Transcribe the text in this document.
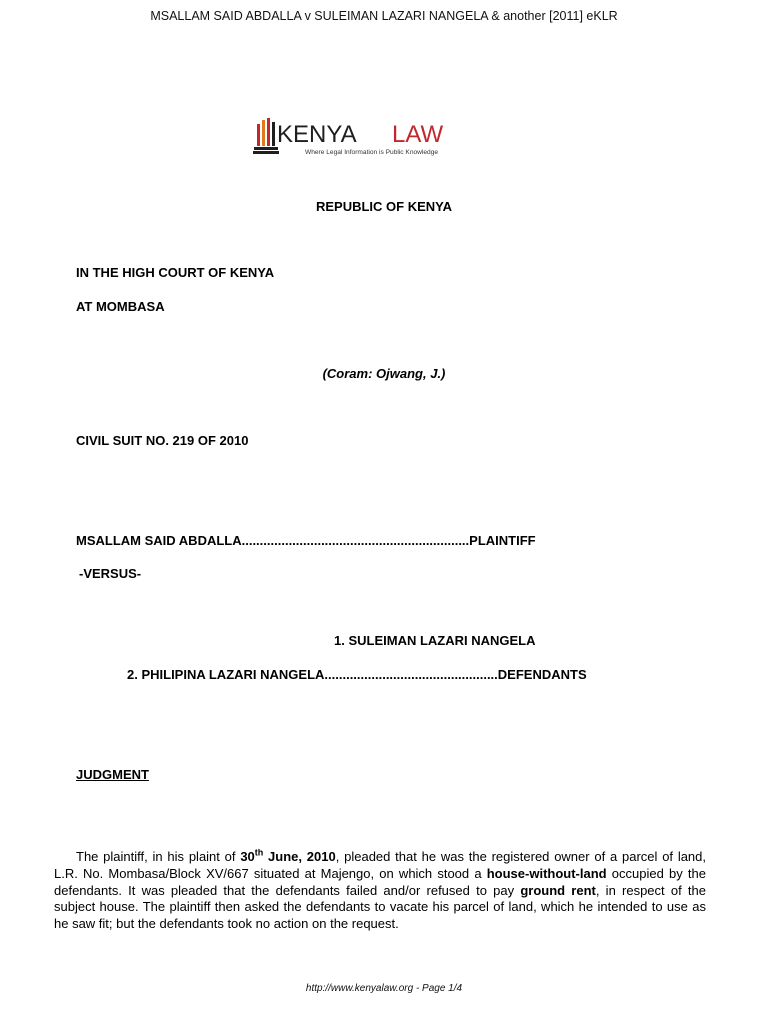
MSALLAM SAID ABDALLA v SULEIMAN LAZARI NANGELA & another [2011] eKLR
KENYA LAW
Where Legal Information is Public Knowledge
REPUBLIC OF KENYA
IN THE HIGH COURT OF KENYA
AT MOMBASA
(Coram: Ojwang, J.)
CIVIL SUIT NO. 219 OF 2010
MSALLAM SAID ABDALLA...............................................................PLAINTIFF
-VERSUS-
1. SULEIMAN LAZARI NANGELA
2. PHILIPINA LAZARI NANGELA................................................DEFENDANTS
JUDGMENT
The plaintiff, in his plaint of 30th June, 2010, pleaded that he was the registered owner of a parcel of land, L.R. No. Mombasa/Block XV/667 situated at Majengo, on which stood a house-without-land occupied by the defendants. It was pleaded that the defendants failed and/or refused to pay ground rent, in respect of the subject house. The plaintiff then asked the defendants to vacate his parcel of land, which he intended to use as he saw fit; but the defendants took no action on the request.
http://www.kenyalaw.org - Page 1/4
